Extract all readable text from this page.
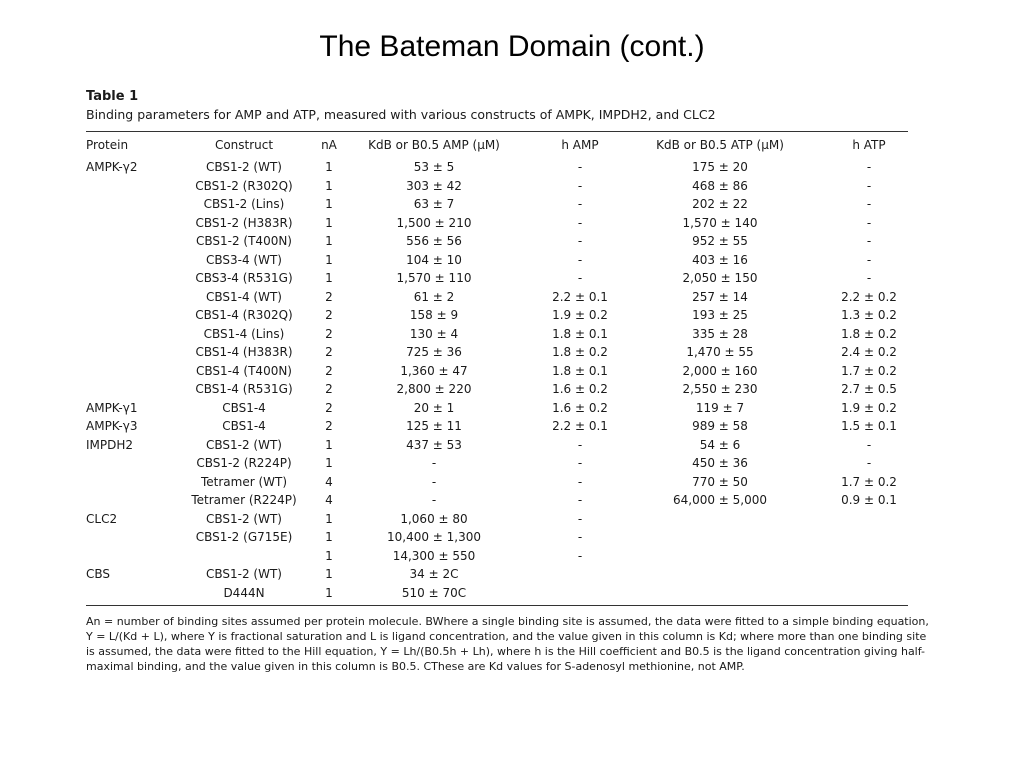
The Bateman Domain (cont.)
Table 1
Binding parameters for AMP and ATP, measured with various constructs of AMPK, IMPDH2, and CLC2
Protein	Construct	nA	KdB or B0.5 AMP (µM)	h AMP	KdB or B0.5 ATP (µM)	h ATP
AMPK-γ2	CBS1-2 (WT)	1	53 ± 5	-	175 ± 20	-
	CBS1-2 (R302Q)	1	303 ± 42	-	468 ± 86	-
	CBS1-2 (Lins)	1	63 ± 7	-	202 ± 22	-
	CBS1-2 (H383R)	1	1,500 ± 210	-	1,570 ± 140	-
	CBS1-2 (T400N)	1	556 ± 56	-	952 ± 55	-
	CBS3-4 (WT)	1	104 ± 10	-	403 ± 16	-
	CBS3-4 (R531G)	1	1,570 ± 110	-	2,050 ± 150	-
	CBS1-4 (WT)	2	61 ± 2	2.2 ± 0.1	257 ± 14	2.2 ± 0.2
	CBS1-4 (R302Q)	2	158 ± 9	1.9 ± 0.2	193 ± 25	1.3 ± 0.2
	CBS1-4 (Lins)	2	130 ± 4	1.8 ± 0.1	335 ± 28	1.8 ± 0.2
	CBS1-4 (H383R)	2	725 ± 36	1.8 ± 0.2	1,470 ± 55	2.4 ± 0.2
	CBS1-4 (T400N)	2	1,360 ± 47	1.8 ± 0.1	2,000 ± 160	1.7 ± 0.2
	CBS1-4 (R531G)	2	2,800 ± 220	1.6 ± 0.2	2,550 ± 230	2.7 ± 0.5
AMPK-γ1	CBS1-4	2	20 ± 1	1.6 ± 0.2	119 ± 7	1.9 ± 0.2
AMPK-γ3	CBS1-4	2	125 ± 11	2.2 ± 0.1	989 ± 58	1.5 ± 0.1
IMPDH2	CBS1-2 (WT)	1	437 ± 53	-	54 ± 6	-
	CBS1-2 (R224P)	1	-	-	450 ± 36	-
	Tetramer (WT)	4	-	-	770 ± 50	1.7 ± 0.2
	Tetramer (R224P)	4	-	-	64,000 ± 5,000	0.9 ± 0.1
CLC2	CBS1-2 (WT)	1	1,060 ± 80	-		
	CBS1-2 (G715E)	1	10,400 ± 1,300	-		
		1	14,300 ± 550	-		
CBS	CBS1-2 (WT)	1	34 ± 2C			
	D444N	1	510 ± 70C			
An = number of binding sites assumed per protein molecule. BWhere a single binding site is assumed, the data were fitted to a simple binding equation, Y = L/(Kd + L), where Y is fractional saturation and L is ligand concentration, and the value given in this column is Kd; where more than one binding site is assumed, the data were fitted to the Hill equation, Y = Lh/(B0.5h + Lh), where h is the Hill coefficient and B0.5 is the ligand concentration giving half-maximal binding, and the value given in this column is B0.5. CThese are Kd values for S-adenosyl methionine, not AMP.
